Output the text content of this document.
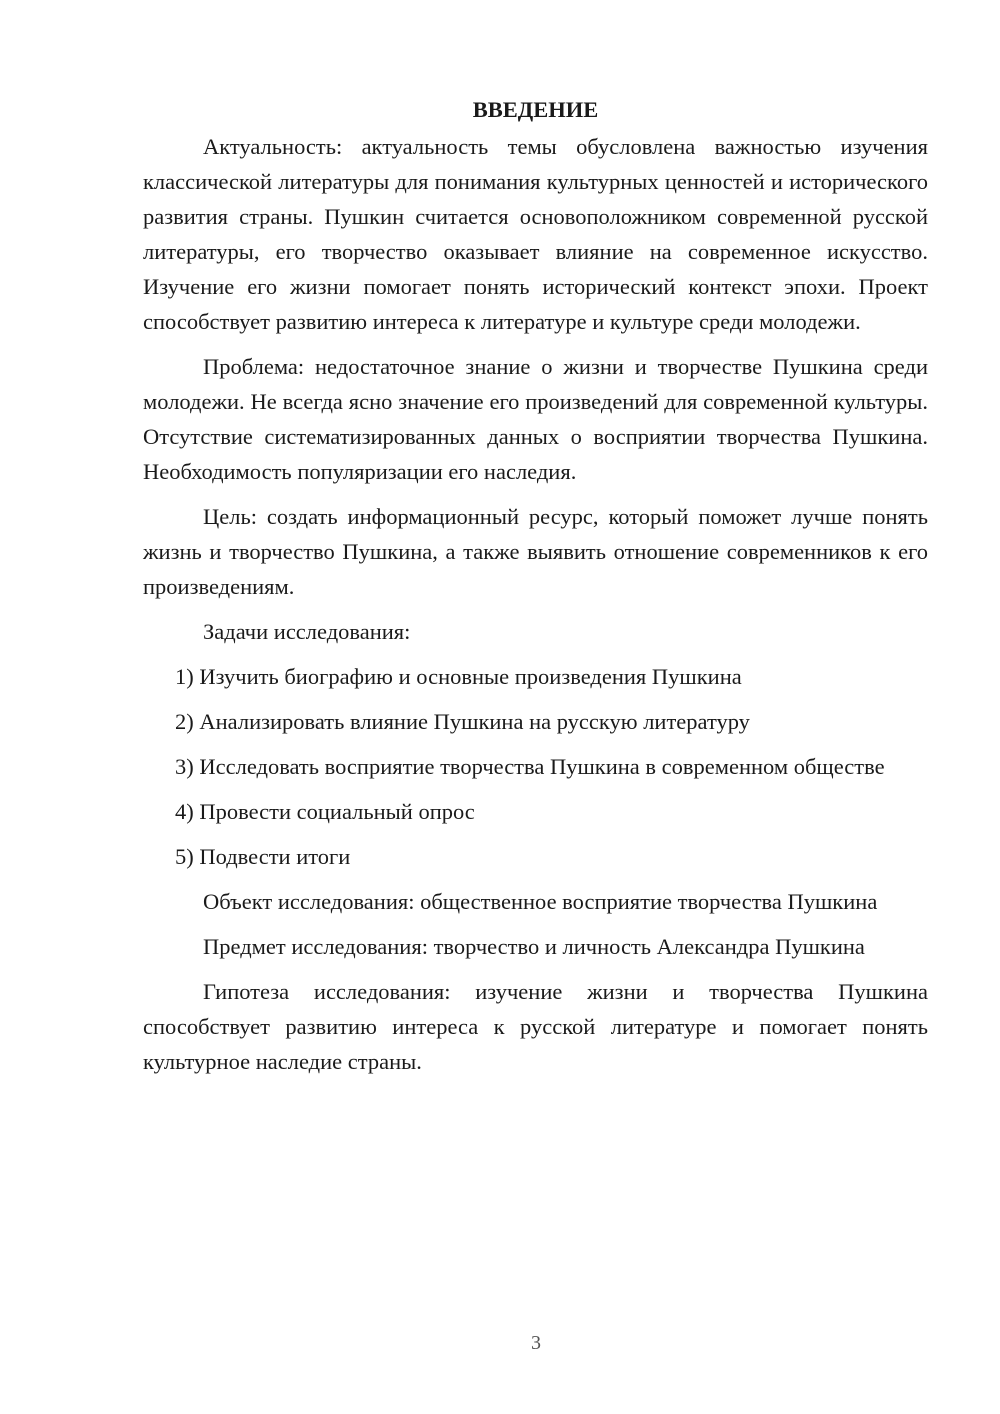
ВВЕДЕНИЕ

Актуальность: актуальность темы обусловлена важностью изучения классической литературы для понимания культурных ценностей и исторического развития страны. Пушкин считается основоположником современной русской литературы, его творчество оказывает влияние на современное искусство. Изучение его жизни помогает понять исторический контекст эпохи. Проект способствует развитию интереса к литературе и культуре среди молодежи.

Проблема: недостаточное знание о жизни и творчестве Пушкина среди молодежи. Не всегда ясно значение его произведений для современной культуры. Отсутствие систематизированных данных о восприятии творчества Пушкина. Необходимость популяризации его наследия.

Цель: создать информационный ресурс, который поможет лучше понять жизнь и творчество Пушкина, а также выявить отношение современников к его произведениям.

Задачи исследования:

1) Изучить биографию и основные произведения Пушкина

2) Анализировать влияние Пушкина на русскую литературу

3) Исследовать восприятие творчества Пушкина в современном обществе

4) Провести социальный опрос

5) Подвести итоги

Объект исследования: общественное восприятие творчества Пушкина

Предмет исследования: творчество и личность Александра Пушкина

Гипотеза исследования: изучение жизни и творчества Пушкина способствует развитию интереса к русской литературе и помогает понять культурное наследие страны.

3
